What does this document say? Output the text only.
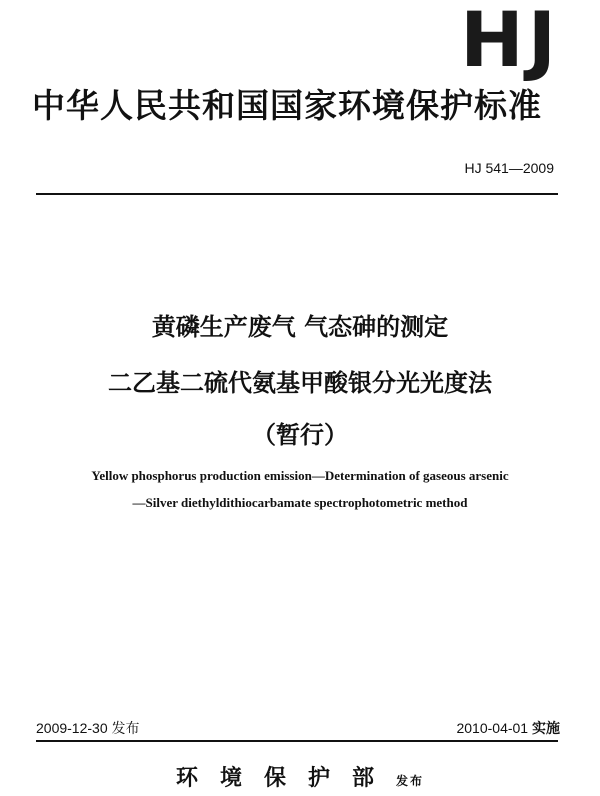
HJ
中华人民共和国国家环境保护标准
HJ 541—2009
黄磷生产废气 气态砷的测定
二乙基二硫代氨基甲酸银分光光度法
（暂行）
Yellow phosphorus production emission—Determination of gaseous arsenic
—Silver diethyldithiocarbamate spectrophotometric method
2009-12-30 发布	2010-04-01 实施
环境保护部发布
